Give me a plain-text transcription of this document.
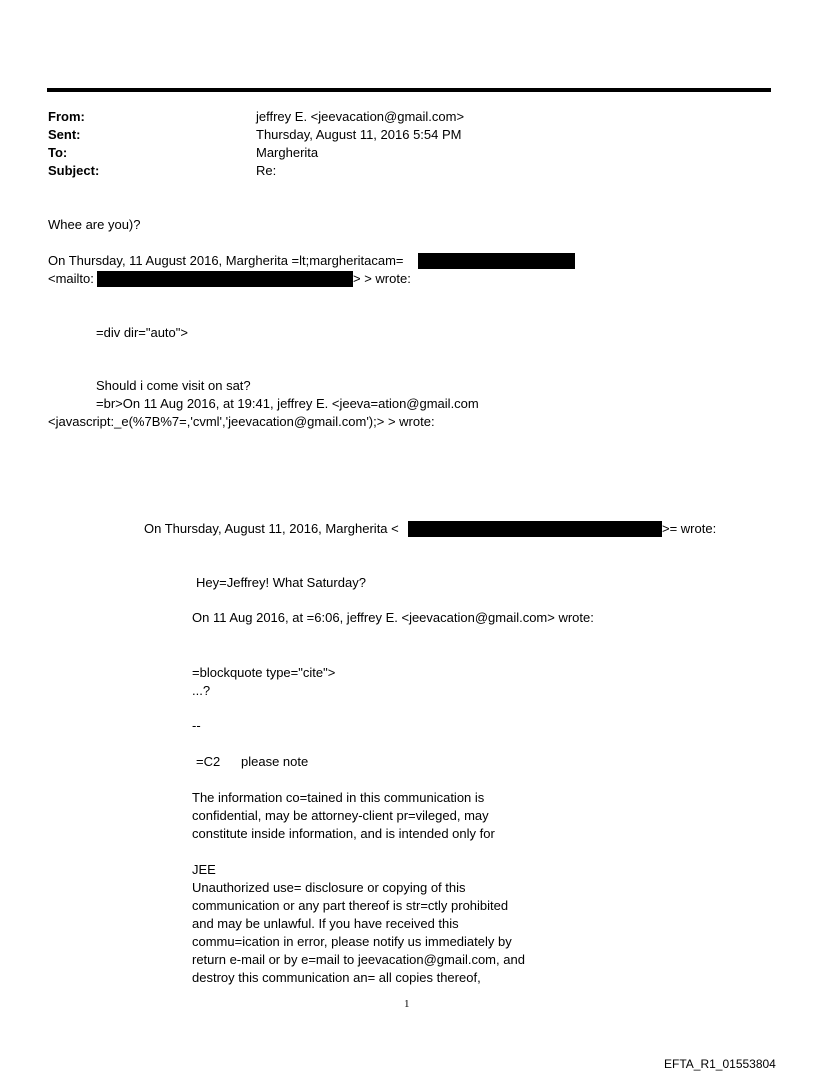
From:	jeffrey E. <jeevacation@gmail.com>
Sent:	Thursday, August 11, 2016 5:54 PM
To:	Margherita
Subject:	Re:
Whee are you)?
On Thursday, 11 August 2016, Margherita =lt;margheritacam=
<mailto:	> > wrote:
=div dir="auto">
Should i come visit on sat?
=br>On 11 Aug 2016, at 19:41, jeffrey E. <jeeva=ation@gmail.com
<javascript:_e(%7B%7=,'cvml','jeevacation@gmail.com');> > wrote:
On Thursday, August 11, 2016, Margherita <	>= wrote:
Hey=Jeffrey! What Saturday?
On 11 Aug 2016, at =6:06, jeffrey E. <jeevacation@gmail.com> wrote:
=blockquote type="cite">
...?
--
=C2 please note
The information co=tained in this communication is
confidential, may be attorney-client pr=vileged, may
constitute inside information, and is intended only for
JEE
Unauthorized use= disclosure or copying of this
communication or any part thereof is str=ctly prohibited
and may be unlawful. If you have received this
commu=ication in error, please notify us immediately by
return e-mail or by e=mail to jeevacation@gmail.com, and
destroy this communication an= all copies thereof,
1
EFTA_R1_01553804
